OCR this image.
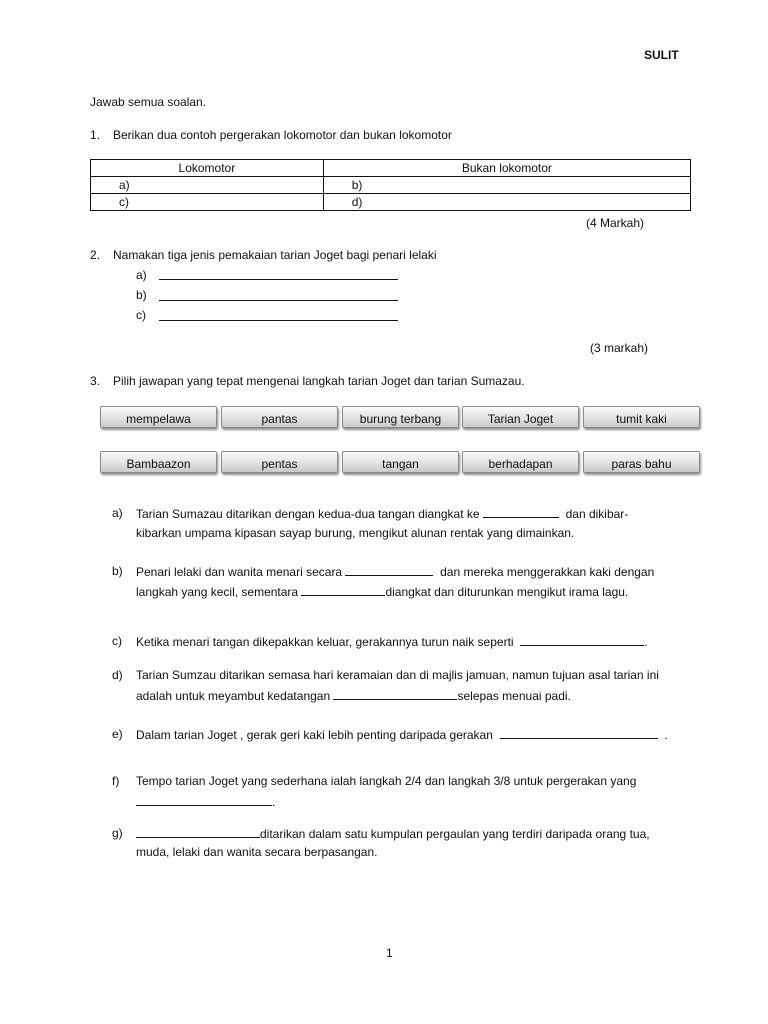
SULIT
Jawab semua soalan.
1. Berikan dua contoh pergerakan lokomotor dan bukan lokomotor
Lokomotor	Bukan lokomotor
a)	b)
c)	d)
(4 Markah)
2. Namakan tiga jenis pemakaian tarian Joget bagi penari lelaki
a)
b)
c)
(3 markah)
3. Pilih jawapan yang tepat mengenai langkah tarian Joget dan tarian Sumazau.
mempelawa	pantas	burung terbang	Tarian Joget	tumit kaki
Bambaazon	pentas	tangan	berhadapan	paras bahu
a) Tarian Sumazau ditarikan dengan kedua-dua tangan diangkat ke	dan dikibar-
kibarkan umpama kipasan sayap burung, mengikut alunan rentak yang dimainkan.
b) Penari lelaki dan wanita menari secara	dan mereka menggerakkan kaki dengan
langkah yang kecil, sementara	diangkat dan diturunkan mengikut irama lagu.
c) Ketika menari tangan dikepakkan keluar, gerakannya turun naik seperti	.
d) Tarian Sumzau ditarikan semasa hari keramaian dan di majlis jamuan, namun tujuan asal tarian ini
adalah untuk meyambut kedatangan	selepas menuai padi.
e) Dalam tarian Joget , gerak geri kaki lebih penting daripada gerakan	.
f) Tempo tarian Joget yang sederhana ialah langkah 2/4 dan langkah 3/8 untuk pergerakan yang
.
g)	ditarikan dalam satu kumpulan pergaulan yang terdiri daripada orang tua,
muda, lelaki dan wanita secara berpasangan.
1
